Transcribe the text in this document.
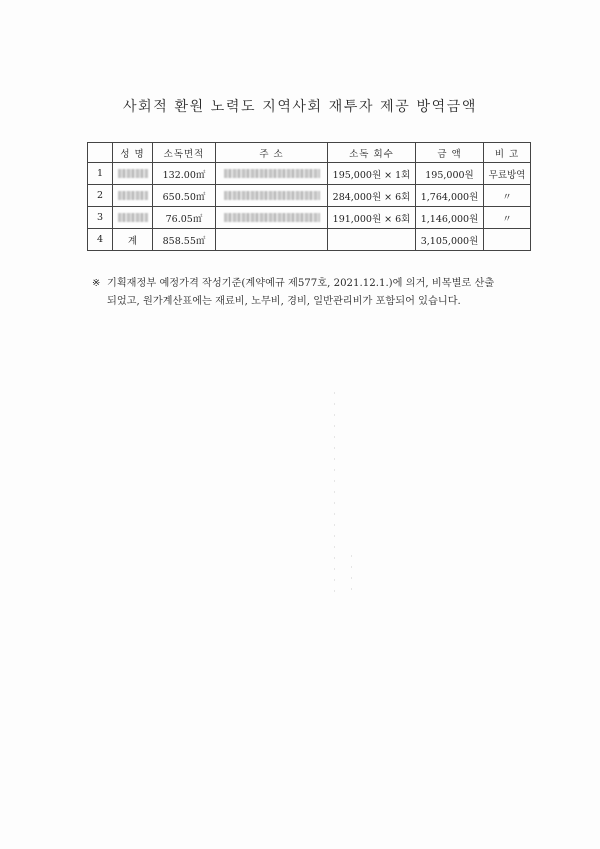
사회적 환원 노력도 지역사회 재투자 제공 방역금액
	성 명	소독면적	주 소	소독 회수	금 액	비 고
1		132.00㎡		195,000원 × 1회	195,000원	무료방역
2		650.50㎡		284,000원 × 6회	1,764,000원	〃
3		76.05㎡		191,000원 × 6회	1,146,000원	〃
4	계	858.55㎡			3,105,000원	
※ 기획재정부 예정가격 작성기준(계약예규 제577호, 2021.12.1.)에 의거, 비목별로 산출
되었고, 원가계산표에는 재료비, 노무비, 경비, 일반관리비가 포함되어 있습니다.
